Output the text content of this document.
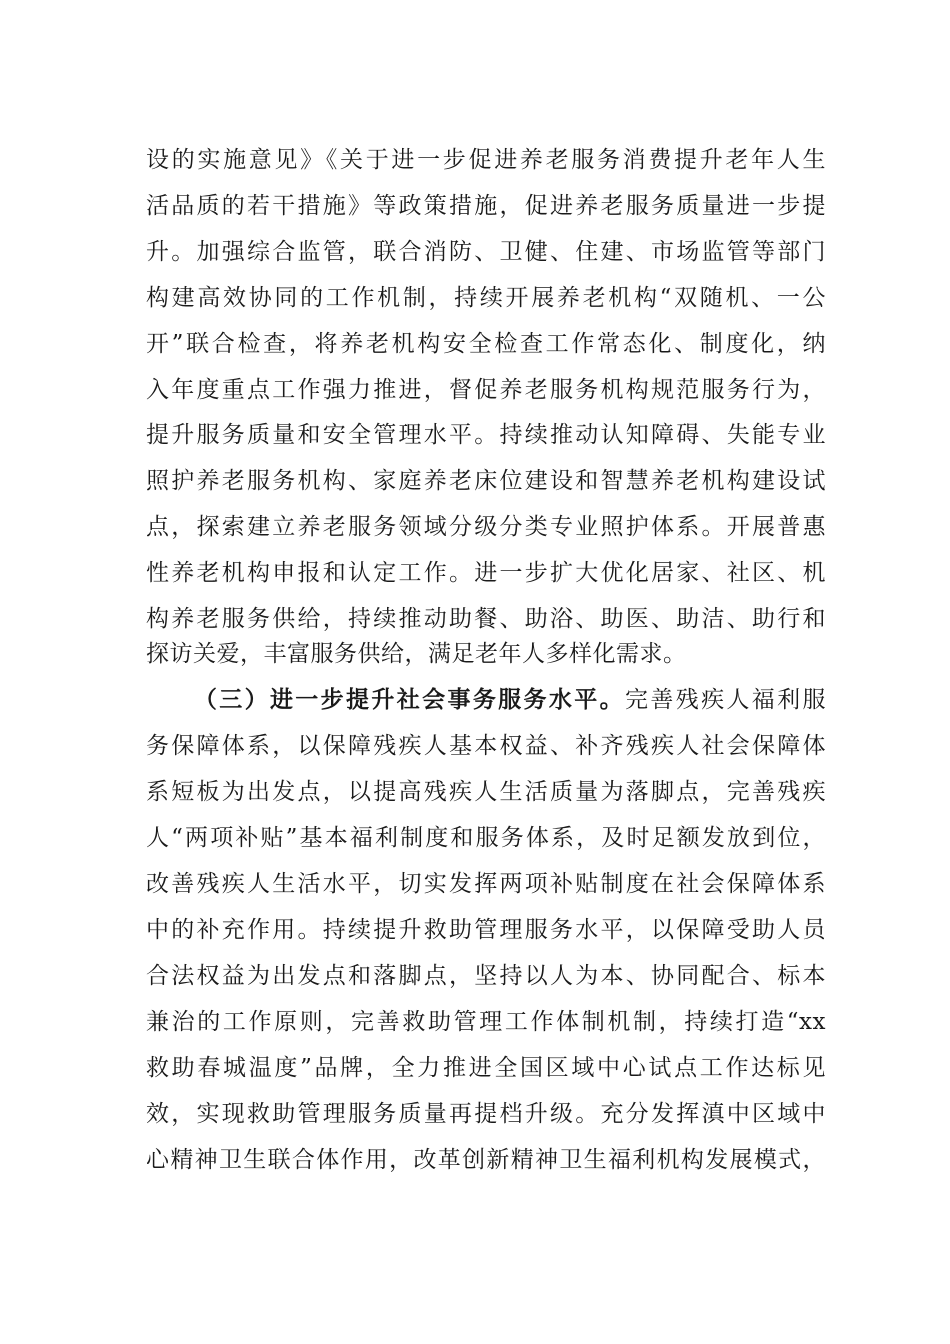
设的实施意见》《关于进一步促进养老服务消费提升老年人生
活品质的若干措施》等政策措施，促进养老服务质量进一步提
升。加强综合监管，联合消防、卫健、住建、市场监管等部门
构建高效协同的工作机制，持续开展养老机构“双随机、一公
开”联合检查，将养老机构安全检查工作常态化、制度化，纳
入年度重点工作强力推进，督促养老服务机构规范服务行为，
提升服务质量和安全管理水平。持续推动认知障碍、失能专业
照护养老服务机构、家庭养老床位建设和智慧养老机构建设试
点，探索建立养老服务领域分级分类专业照护体系。开展普惠
性养老机构申报和认定工作。进一步扩大优化居家、社区、机
构养老服务供给，持续推动助餐、助浴、助医、助洁、助行和
探访关爱，丰富服务供给，满足老年人多样化需求。
（三）进一步提升社会事务服务水平。完善残疾人福利服
务保障体系，以保障残疾人基本权益、补齐残疾人社会保障体
系短板为出发点，以提高残疾人生活质量为落脚点，完善残疾
人“两项补贴”基本福利制度和服务体系，及时足额发放到位，
改善残疾人生活水平，切实发挥两项补贴制度在社会保障体系
中的补充作用。持续提升救助管理服务水平，以保障受助人员
合法权益为出发点和落脚点，坚持以人为本、协同配合、标本
兼治的工作原则，完善救助管理工作体制机制，持续打造“xx
救助春城温度”品牌，全力推进全国区域中心试点工作达标见
效，实现救助管理服务质量再提档升级。充分发挥滇中区域中
心精神卫生联合体作用，改革创新精神卫生福利机构发展模式，
